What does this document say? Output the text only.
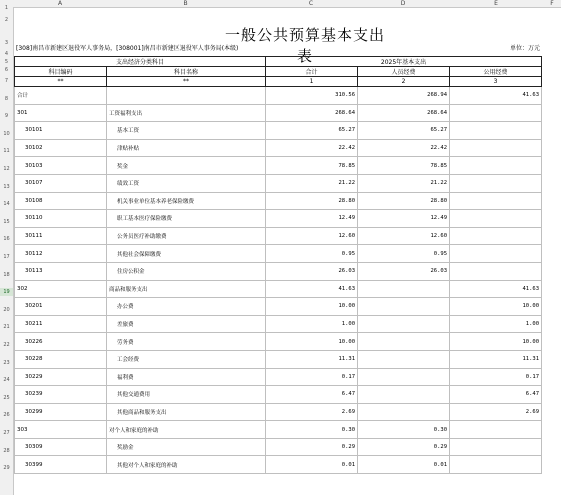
A	B	C	D	E	F
1
2
3
4
5
6
7
8
9
10
11
12
13
14
15
16
17
18
19
20
21
22
23
24
25
26
27
28
29
一般公共预算基本支出表
[308]南昌市新建区退役军人事务局，[308001]南昌市新建区退役军人事务局(本级)	单位：万元
支出经济分类科目		2025年基本支出		
科目编码	科目名称	合计	人员经费	公用经费
**	**	1	2	3
合计		310.56	268.94	41.63
301	工资福利支出	268.64	268.64	
30101	基本工资	65.27	65.27	
30102	津贴补贴	22.42	22.42	
30103	奖金	78.85	78.85	
30107	绩效工资	21.22	21.22	
30108	机关事业单位基本养老保险缴费	28.80	28.80	
30110	职工基本医疗保险缴费	12.49	12.49	
30111	公务员医疗补助缴费	12.60	12.60	
30112	其他社会保障缴费	0.95	0.95	
30113	住房公积金	26.03	26.03	
302	商品和服务支出	41.63		41.63
30201	办公费	10.00		10.00
30211	差旅费	1.00		1.00
30226	劳务费	10.00		10.00
30228	工会经费	11.31		11.31
30229	福利费	0.17		0.17
30239	其他交通费用	6.47		6.47
30299	其他商品和服务支出	2.69		2.69
303	对个人和家庭的补助	0.30	0.30	
30309	奖励金	0.29	0.29	
30399	其他对个人和家庭的补助	0.01	0.01	
